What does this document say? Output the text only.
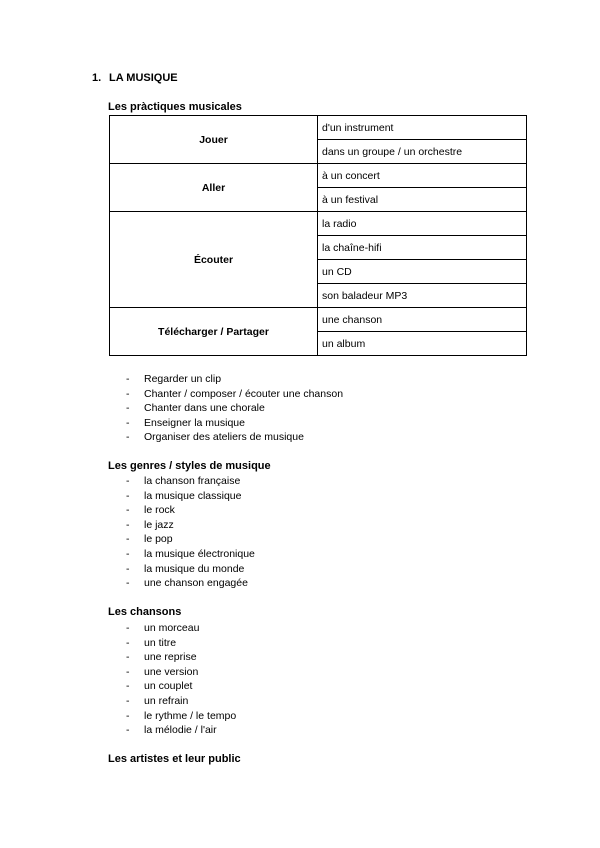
1. LA MUSIQUE
Les pràctiques musicales
Jouer	d'un instrument
	dans un groupe / un orchestre
Aller	à un concert
	à un festival
Écouter	la radio
	la chaîne-hifi
	un CD
	son baladeur MP3
Télécharger / Partager	une chanson
	un album
- Regarder un clip
- Chanter / composer / écouter une chanson
- Chanter dans une chorale
- Enseigner la musique
- Organiser des ateliers de musique
Les genres / styles de musique
- la chanson française
- la musique classique
- le rock
- le jazz
- le pop
- la musique électronique
- la musique du monde
- une chanson engagée
Les chansons
- un morceau
- un titre
- une reprise
- une version
- un couplet
- un refrain
- le rythme / le tempo
- la mélodie / l'air
Les artistes et leur public
